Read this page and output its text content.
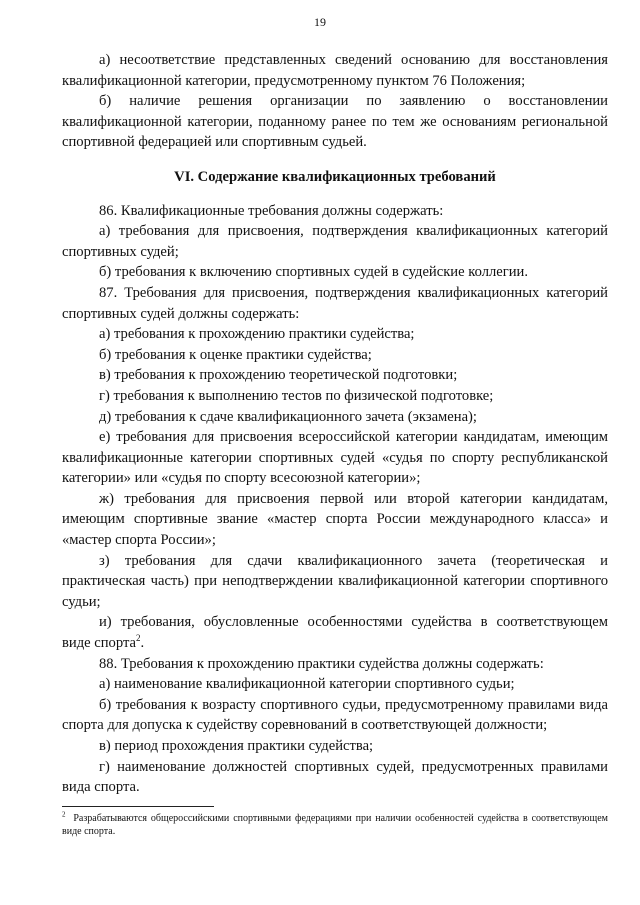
19

а) несоответствие представленных сведений основанию для восстановления квалификационной категории, предусмотренному пунктом 76 Положения;

б) наличие решения организации по заявлению о восстановлении квалификационной категории, поданному ранее по тем же основаниям региональной спортивной федерацией или спортивным судьей.

VI. Содержание квалификационных требований

86. Квалификационные требования должны содержать:

а) требования для присвоения, подтверждения квалификационных категорий спортивных судей;

б) требования к включению спортивных судей в судейские коллегии.

87. Требования для присвоения, подтверждения квалификационных категорий спортивных судей должны содержать:

а) требования к прохождению практики судейства;

б) требования к оценке практики судейства;

в) требования к прохождению теоретической подготовки;

г) требования к выполнению тестов по физической подготовке;

д) требования к сдаче квалификационного зачета (экзамена);

е) требования для присвоения всероссийской категории кандидатам, имеющим квалификационные категории спортивных судей «судья по спорту республиканской категории» или «судья по спорту всесоюзной категории»;

ж) требования для присвоения первой или второй категории кандидатам, имеющим спортивные звание «мастер спорта России международного класса» и «мастер спорта России»;

з) требования для сдачи квалификационного зачета (теоретическая и практическая часть) при неподтверждении квалификационной категории спортивного судьи;

и) требования, обусловленные особенностями судейства в соответствующем виде спорта$^2$.

88. Требования к прохождению практики судейства должны содержать:

а) наименование квалификационной категории спортивного судьи;

б) требования к возрасту спортивного судьи, предусмотренному правилами вида спорта для допуска к судейству соревнований в соответствующей должности;

в) период прохождения практики судейства;

г) наименование должностей спортивных судей, предусмотренных правилами вида спорта.

$^2$ Разрабатываются общероссийскими спортивными федерациями при наличии особенностей судейства в соответствующем виде спорта.
